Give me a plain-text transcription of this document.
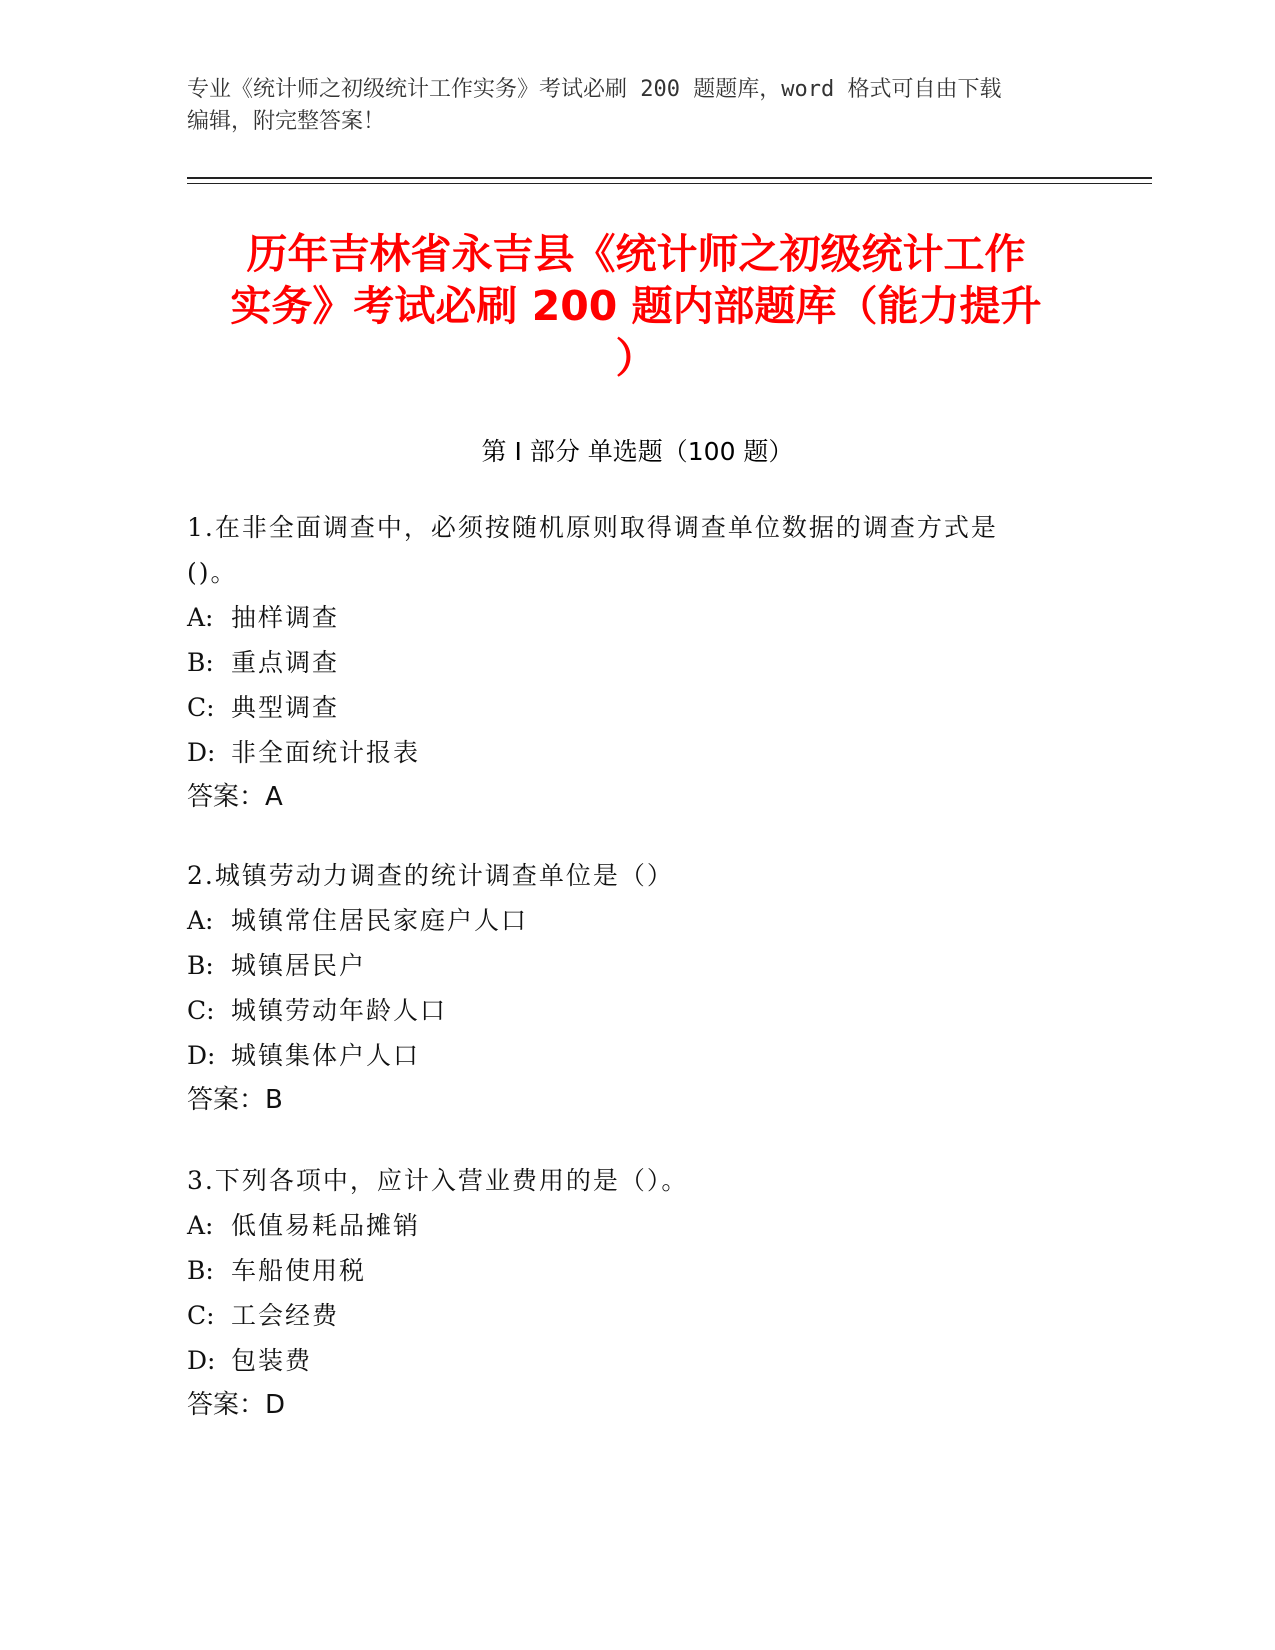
专业《统计师之初级统计工作实务》考试必刷 200 题题库，word 格式可自由下载
编辑，附完整答案！
历年吉林省永吉县《统计师之初级统计工作
实务》考试必刷 200 题内部题库（能力提升
）
第 I 部分 单选题（100 题）
1.在非全面调查中，必须按随机原则取得调查单位数据的调查方式是
()。
A: 抽样调查
B: 重点调查
C: 典型调查
D: 非全面统计报表
答案：A
2.城镇劳动力调查的统计调查单位是（）
A: 城镇常住居民家庭户人口
B: 城镇居民户
C: 城镇劳动年龄人口
D: 城镇集体户人口
答案：B
3.下列各项中，应计入营业费用的是（）。
A: 低值易耗品摊销
B: 车船使用税
C: 工会经费
D: 包装费
答案：D
